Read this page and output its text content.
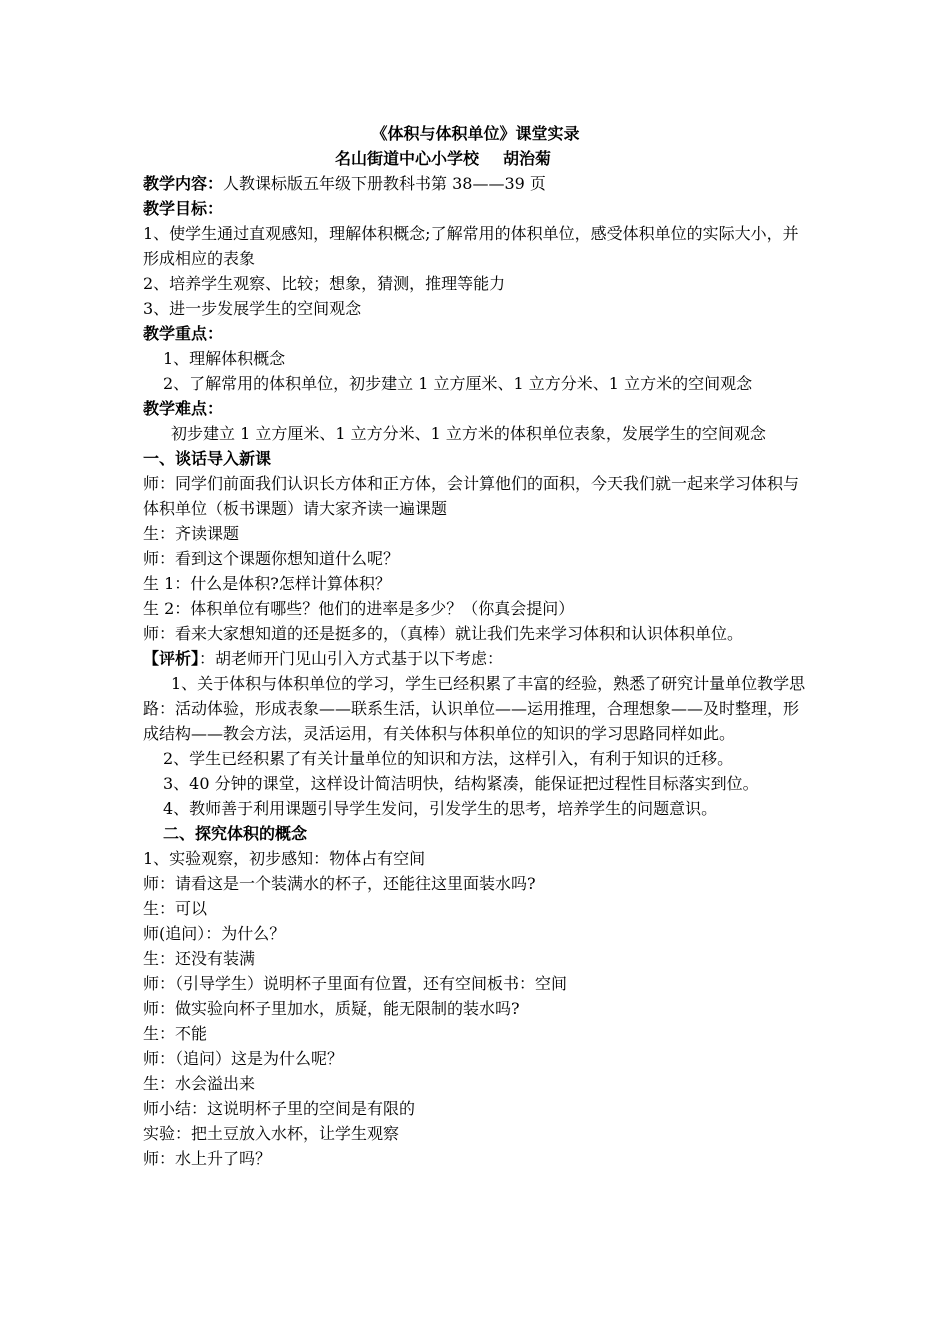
《体积与体积单位》课堂实录
名山街道中心小学校 胡治菊
教学内容：人教课标版五年级下册教科书第 38——39 页
教学目标：
1、使学生通过直观感知，理解体积概念;了解常用的体积单位，感受体积单位的实际大小，并形成相应的表象
2、培养学生观察、比较；想象，猜测，推理等能力
3、进一步发展学生的空间观念
教学重点：
1、理解体积概念
2、了解常用的体积单位，初步建立 1 立方厘米、1 立方分米、1 立方米的空间观念
教学难点：
初步建立 1 立方厘米、1 立方分米、1 立方米的体积单位表象，发展学生的空间观念
一、谈话导入新课
师：同学们前面我们认识长方体和正方体，会计算他们的面积，今天我们就一起来学习体积与体积单位（板书课题）请大家齐读一遍课题
生：齐读课题
师：看到这个课题你想知道什么呢？
生 1：什么是体积?怎样计算体积？
生 2：体积单位有哪些？他们的进率是多少？（你真会提问）
师：看来大家想知道的还是挺多的，（真棒）就让我们先来学习体积和认识体积单位。
【评析】：胡老师开门见山引入方式基于以下考虑：
1、关于体积与体积单位的学习，学生已经积累了丰富的经验，熟悉了研究计量单位教学思路：活动体验，形成表象——联系生活，认识单位——运用推理，合理想象——及时整理，形成结构——教会方法，灵活运用，有关体积与体积单位的知识的学习思路同样如此。
2、学生已经积累了有关计量单位的知识和方法，这样引入，有利于知识的迁移。
3、40 分钟的课堂，这样设计简洁明快，结构紧凑，能保证把过程性目标落实到位。
4、教师善于利用课题引导学生发问，引发学生的思考，培养学生的问题意识。
二、探究体积的概念
1、实验观察，初步感知：物体占有空间
师：请看这是一个装满水的杯子，还能往这里面装水吗?
生：可以
师(追问）：为什么？
生：还没有装满
师：（引导学生）说明杯子里面有位置，还有空间板书：空间
师：做实验向杯子里加水，质疑，能无限制的装水吗?
生：不能
师：（追问）这是为什么呢？
生：水会溢出来
师小结：这说明杯子里的空间是有限的
实验：把土豆放入水杯，让学生观察
师：水上升了吗？
